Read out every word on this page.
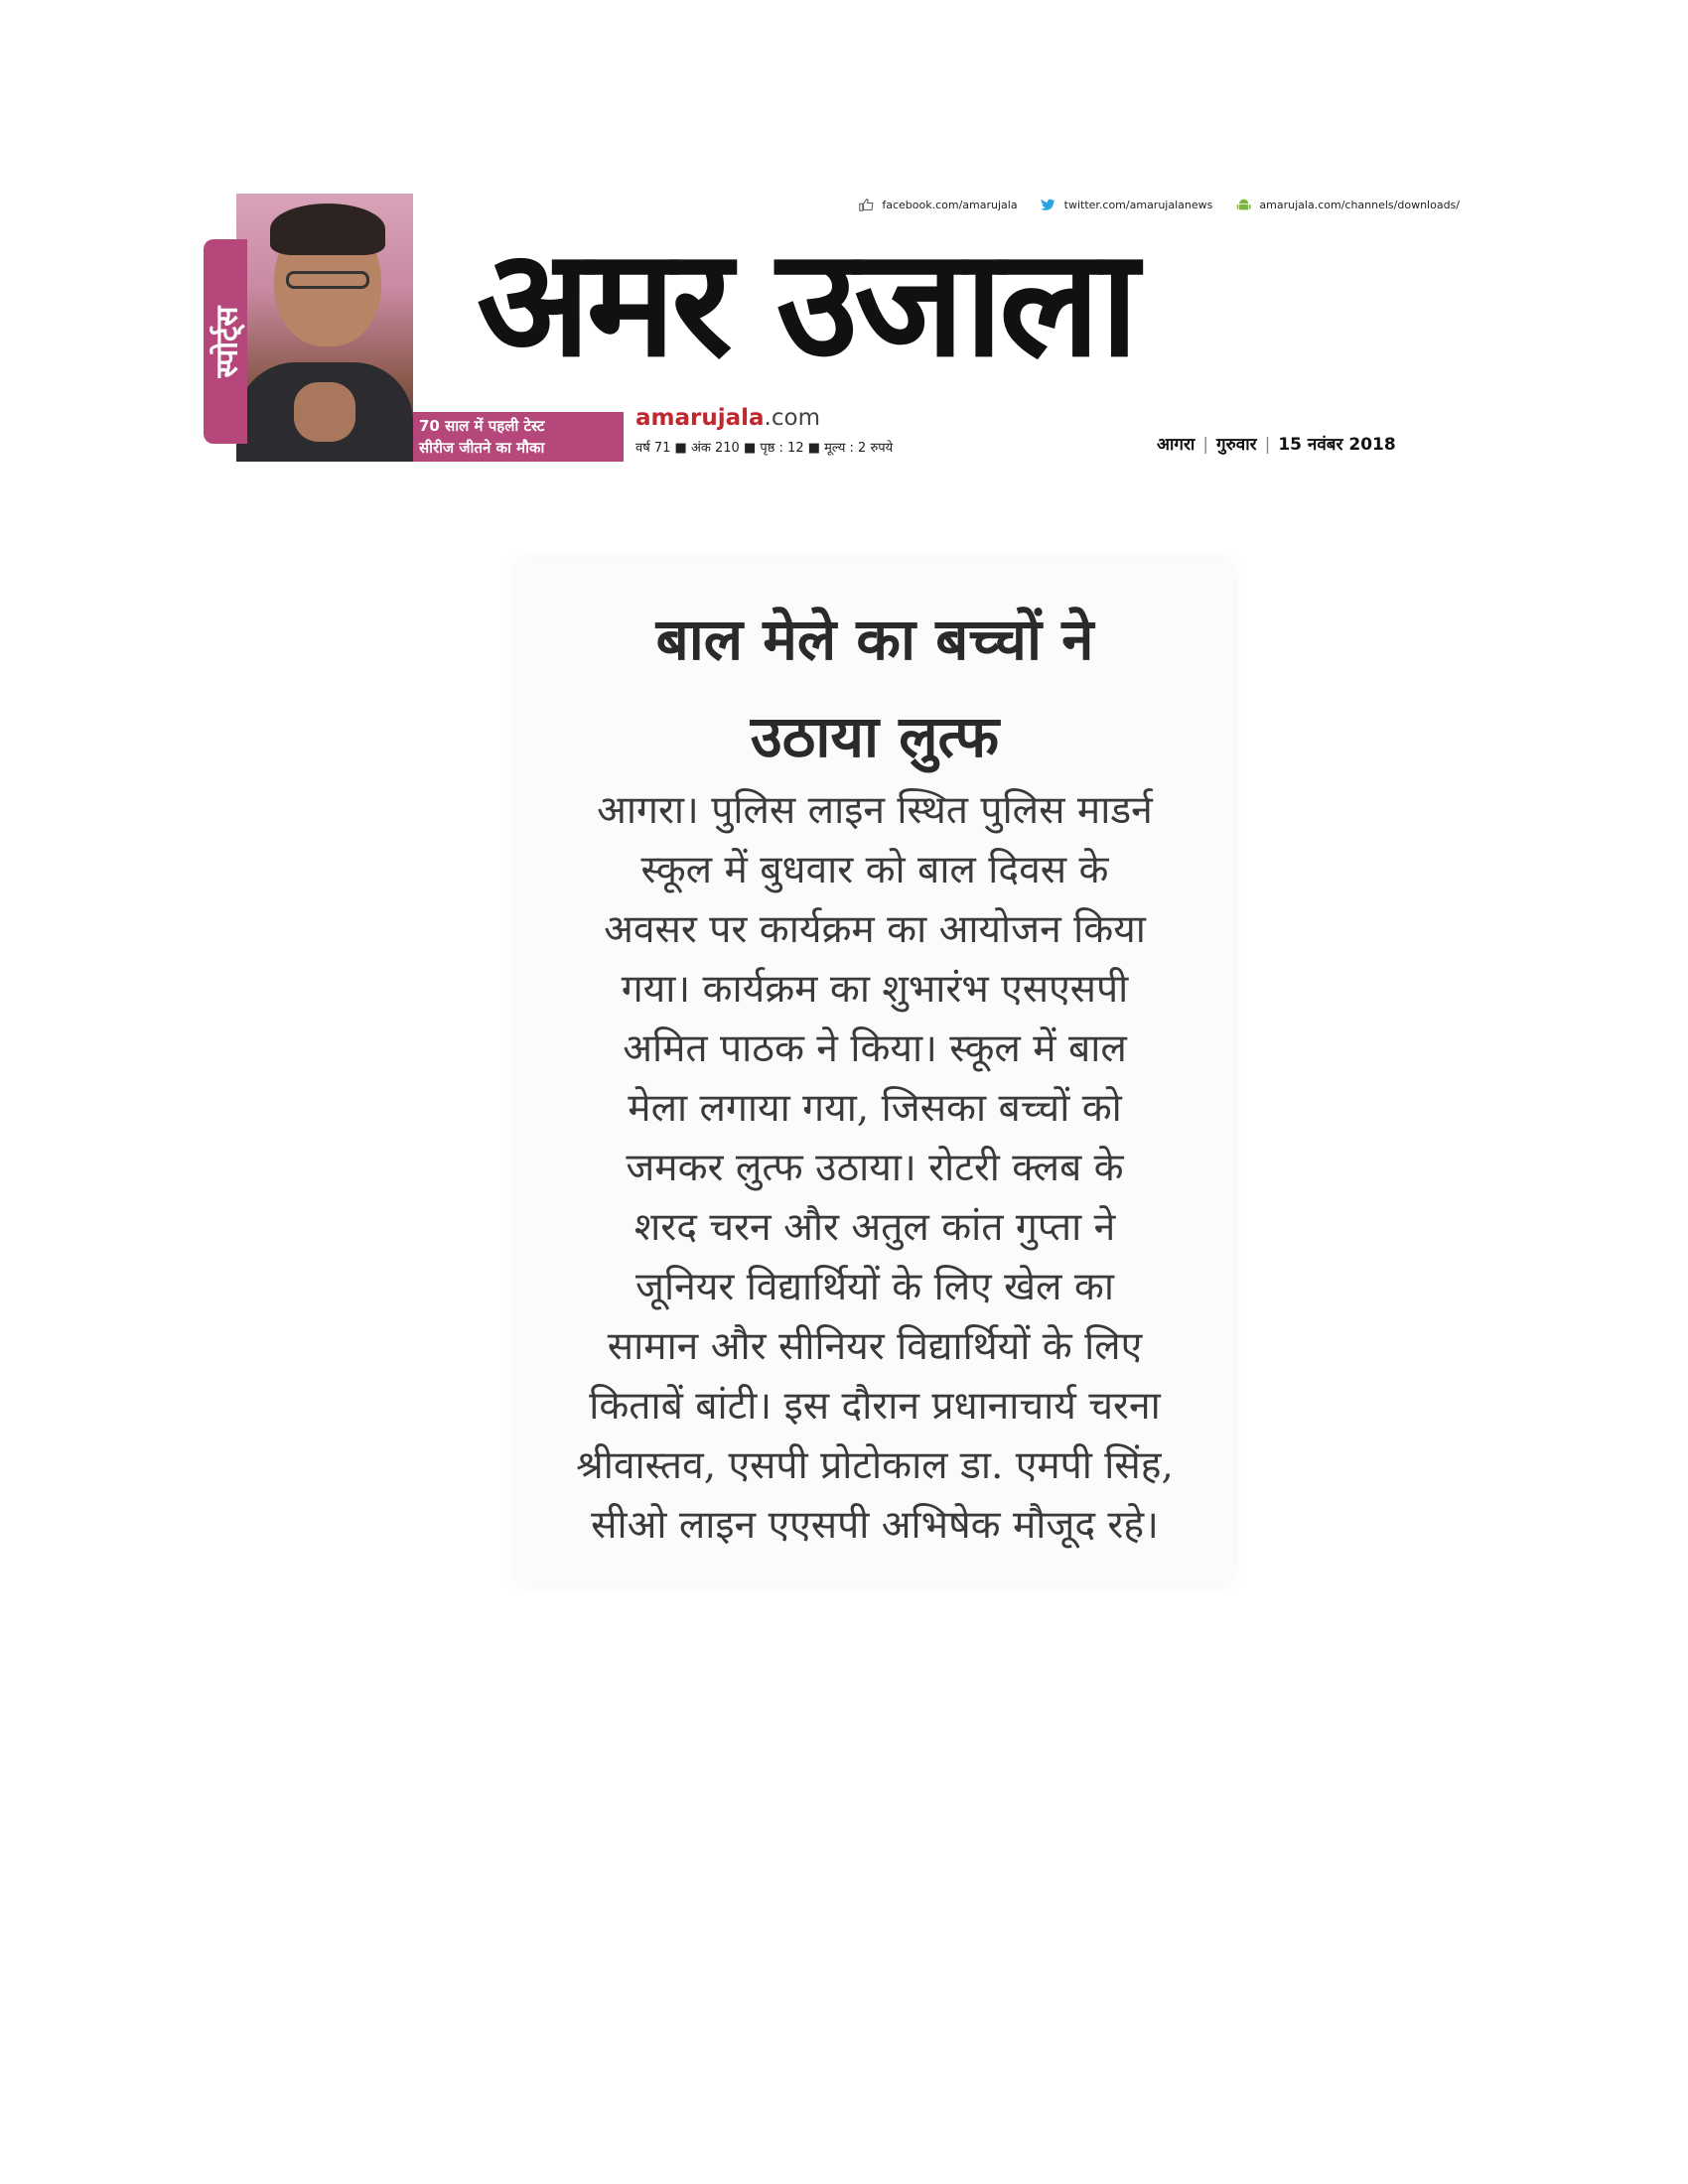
स्पोर्ट्स
70 साल में पहली टेस्ट
सीरीज जीतने का मौका
facebook.com/amarujala	twitter.com/amarujalanews	amarujala.com/channels/downloads/
अमर उजाला
amarujala.com
वर्ष 71 ■ अंक 210 ■ पृष्ठ : 12 ■ मूल्य : 2 रुपये	आगरा | गुरुवार | 15 नवंबर 2018
बाल मेले का बच्चों ने
उठाया लुत्फ
आगरा। पुलिस लाइन स्थित पुलिस माडर्न
स्कूल में बुधवार को बाल दिवस के
अवसर पर कार्यक्रम का आयोजन किया
गया। कार्यक्रम का शुभारंभ एसएसपी
अमित पाठक ने किया। स्कूल में बाल
मेला लगाया गया, जिसका बच्चों को
जमकर लुत्फ उठाया। रोटरी क्लब के
शरद चरन और अतुल कांत गुप्ता ने
जूनियर विद्यार्थियों के लिए खेल का
सामान और सीनियर विद्यार्थियों के लिए
किताबें बांटी। इस दौरान प्रधानाचार्य चरना
श्रीवास्तव, एसपी प्रोटोकाल डा. एमपी सिंह,
सीओ लाइन एएसपी अभिषेक मौजूद रहे।
